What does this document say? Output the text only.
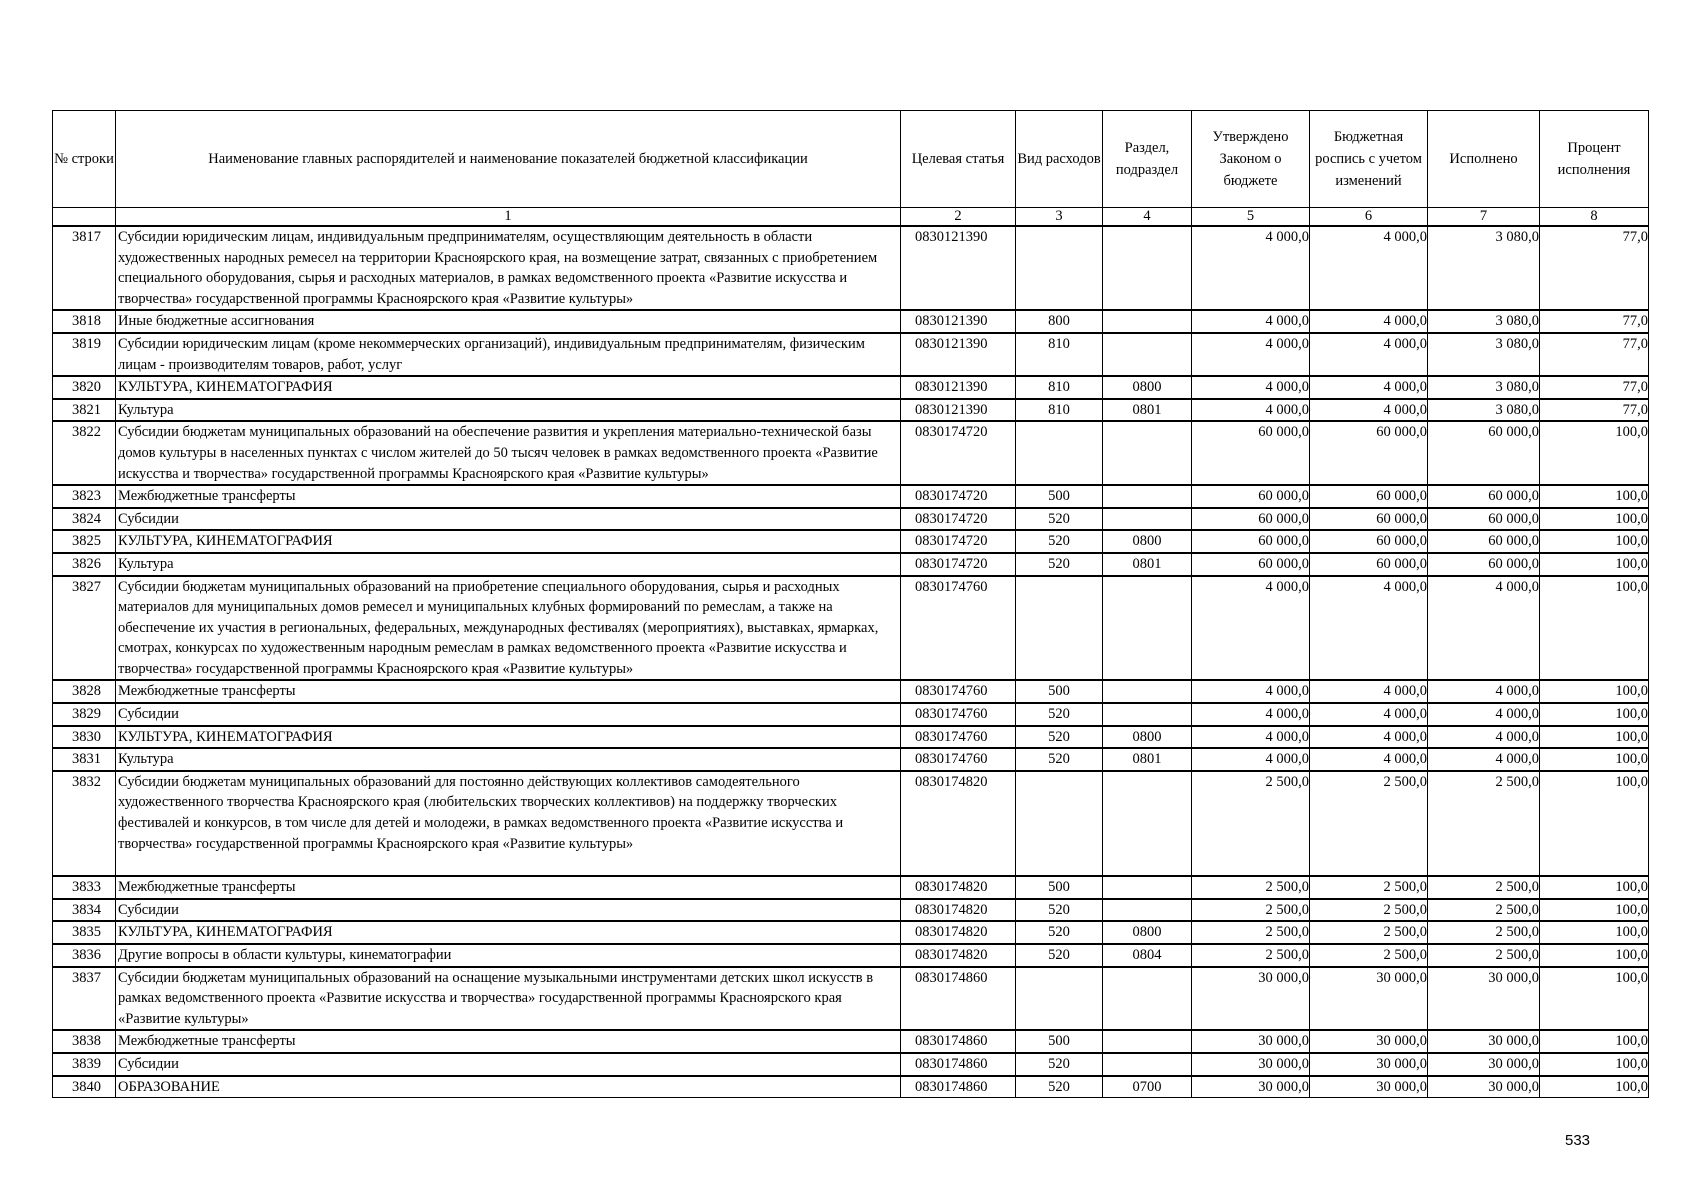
№ строки	Наименование главных распорядителей и наименование показателей бюджетной классификации	Целевая статья	Вид расходов	Раздел, подраздел	Утверждено Законом о бюджете	Бюджетная роспись с учетом изменений	Исполнено	Процент исполнения
	1	2	3	4	5	6	7	8
3817	Субсидии юридическим лицам, индивидуальным предпринимателям, осуществляющим деятельность в области художественных народных ремесел на территории Красноярского края, на возмещение затрат, связанных с приобретением специального оборудования, сырья и расходных материалов, в рамках ведомственного проекта «Развитие искусства и творчества» государственной программы Красноярского края «Развитие культуры»	0830121390			4 000,0	4 000,0	3 080,0	77,0
3818	Иные бюджетные ассигнования	0830121390	800		4 000,0	4 000,0	3 080,0	77,0
3819	Субсидии юридическим лицам (кроме некоммерческих организаций), индивидуальным предпринимателям, физическим лицам - производителям товаров, работ, услуг	0830121390	810		4 000,0	4 000,0	3 080,0	77,0
3820	КУЛЬТУРА, КИНЕМАТОГРАФИЯ	0830121390	810	0800	4 000,0	4 000,0	3 080,0	77,0
3821	Культура	0830121390	810	0801	4 000,0	4 000,0	3 080,0	77,0
3822	Субсидии бюджетам муниципальных образований на обеспечение развития и укрепления материально-технической базы домов культуры в населенных пунктах с числом жителей до 50 тысяч человек в рамках ведомственного проекта «Развитие искусства и творчества» государственной программы Красноярского края «Развитие культуры»	0830174720			60 000,0	60 000,0	60 000,0	100,0
3823	Межбюджетные трансферты	0830174720	500		60 000,0	60 000,0	60 000,0	100,0
3824	Субсидии	0830174720	520		60 000,0	60 000,0	60 000,0	100,0
3825	КУЛЬТУРА, КИНЕМАТОГРАФИЯ	0830174720	520	0800	60 000,0	60 000,0	60 000,0	100,0
3826	Культура	0830174720	520	0801	60 000,0	60 000,0	60 000,0	100,0
3827	Субсидии бюджетам муниципальных образований на приобретение специального оборудования, сырья и расходных материалов для муниципальных домов ремесел и муниципальных клубных формирований по ремеслам, а также на обеспечение их участия в региональных, федеральных, международных фестивалях (мероприятиях), выставках, ярмарках, смотрах, конкурсах по художественным народным ремеслам в рамках ведомственного проекта «Развитие искусства и творчества» государственной программы Красноярского края «Развитие культуры»	0830174760			4 000,0	4 000,0	4 000,0	100,0
3828	Межбюджетные трансферты	0830174760	500		4 000,0	4 000,0	4 000,0	100,0
3829	Субсидии	0830174760	520		4 000,0	4 000,0	4 000,0	100,0
3830	КУЛЬТУРА, КИНЕМАТОГРАФИЯ	0830174760	520	0800	4 000,0	4 000,0	4 000,0	100,0
3831	Культура	0830174760	520	0801	4 000,0	4 000,0	4 000,0	100,0
3832	Субсидии бюджетам муниципальных образований для постоянно действующих коллективов самодеятельного художественного творчества Красноярского края (любительских творческих коллективов) на поддержку творческих фестивалей и конкурсов, в том числе для детей и молодежи, в рамках ведомственного проекта «Развитие искусства и творчества» государственной программы Красноярского края «Развитие культуры»	0830174820			2 500,0	2 500,0	2 500,0	100,0
3833	Межбюджетные трансферты	0830174820	500		2 500,0	2 500,0	2 500,0	100,0
3834	Субсидии	0830174820	520		2 500,0	2 500,0	2 500,0	100,0
3835	КУЛЬТУРА, КИНЕМАТОГРАФИЯ	0830174820	520	0800	2 500,0	2 500,0	2 500,0	100,0
3836	Другие вопросы в области культуры, кинематографии	0830174820	520	0804	2 500,0	2 500,0	2 500,0	100,0
3837	Субсидии бюджетам муниципальных образований на оснащение музыкальными инструментами детских школ искусств в рамках ведомственного проекта «Развитие искусства и творчества» государственной программы Красноярского края «Развитие культуры»	0830174860			30 000,0	30 000,0	30 000,0	100,0
3838	Межбюджетные трансферты	0830174860	500		30 000,0	30 000,0	30 000,0	100,0
3839	Субсидии	0830174860	520		30 000,0	30 000,0	30 000,0	100,0
3840	ОБРАЗОВАНИЕ	0830174860	520	0700	30 000,0	30 000,0	30 000,0	100,0
533
